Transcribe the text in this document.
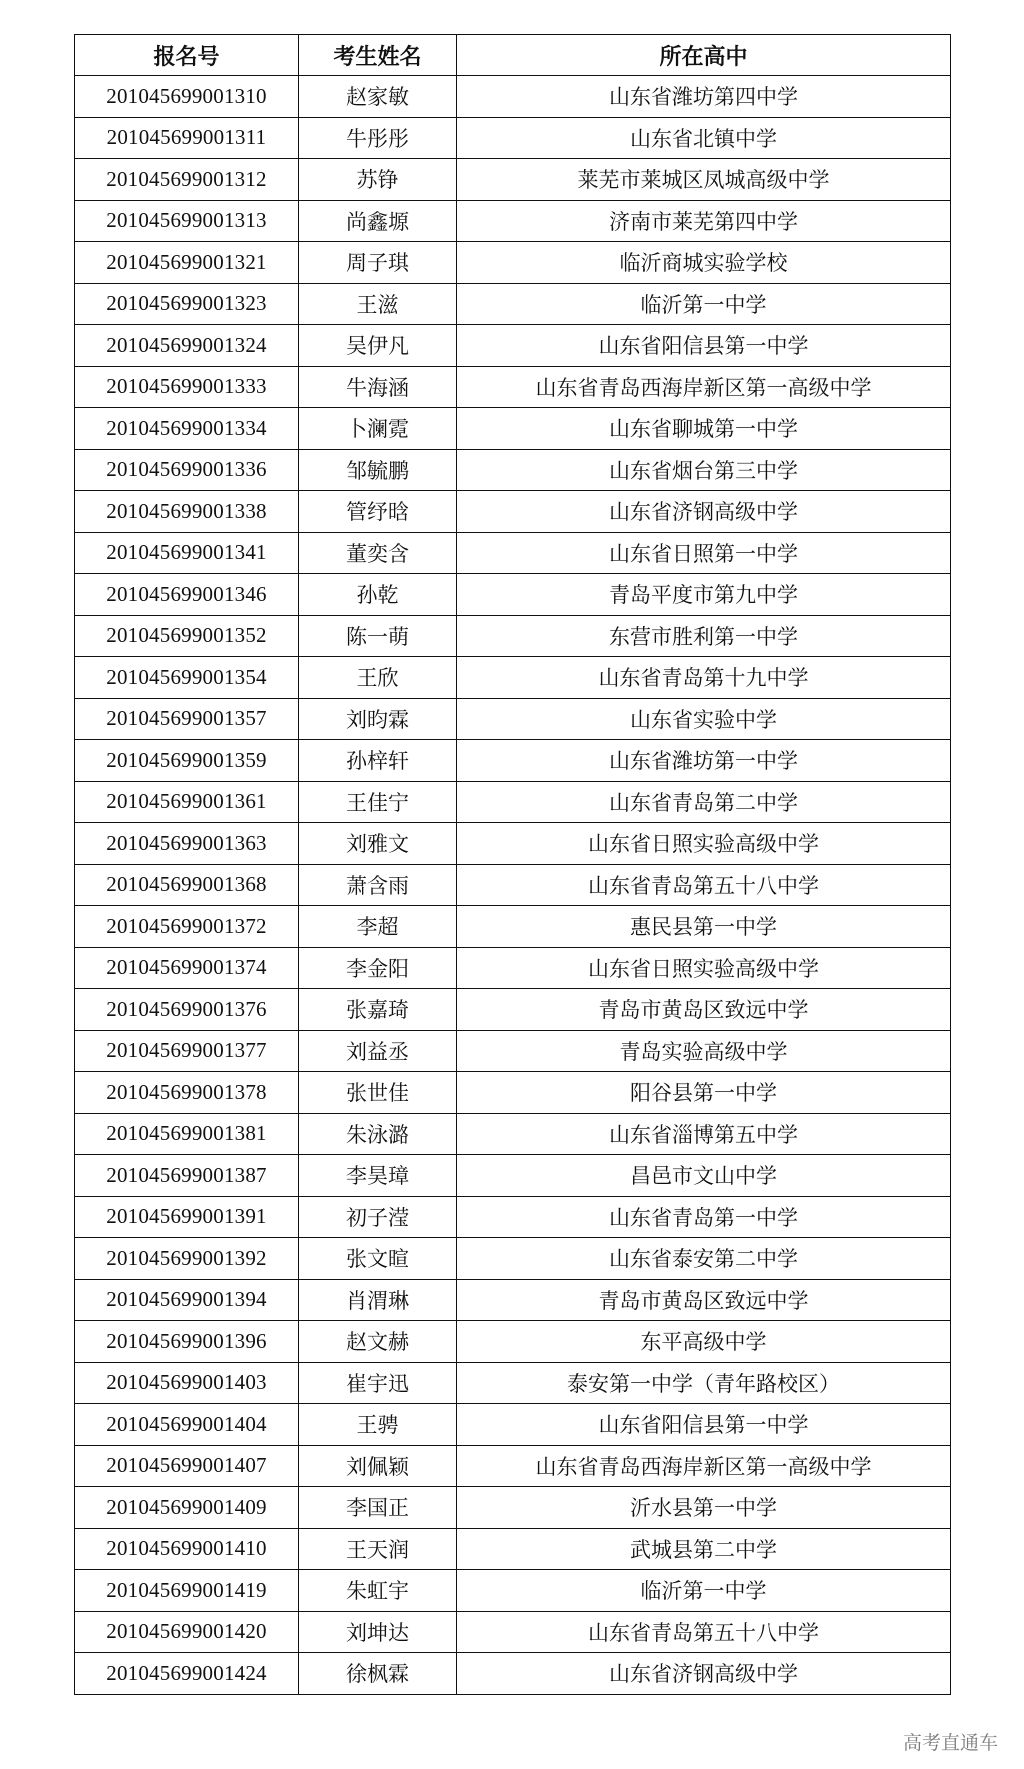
报名号	考生姓名	所在高中
201045699001310	赵家敏	山东省潍坊第四中学
201045699001311	牛彤彤	山东省北镇中学
201045699001312	苏铮	莱芜市莱城区凤城高级中学
201045699001313	尚鑫塬	济南市莱芜第四中学
201045699001321	周子琪	临沂商城实验学校
201045699001323	王滋	临沂第一中学
201045699001324	吴伊凡	山东省阳信县第一中学
201045699001333	牛海涵	山东省青岛西海岸新区第一高级中学
201045699001334	卜澜霓	山东省聊城第一中学
201045699001336	邹毓鹏	山东省烟台第三中学
201045699001338	管纾晗	山东省济钢高级中学
201045699001341	董奕含	山东省日照第一中学
201045699001346	孙乾	青岛平度市第九中学
201045699001352	陈一萌	东营市胜利第一中学
201045699001354	王欣	山东省青岛第十九中学
201045699001357	刘昀霖	山东省实验中学
201045699001359	孙梓轩	山东省潍坊第一中学
201045699001361	王佳宁	山东省青岛第二中学
201045699001363	刘雅文	山东省日照实验高级中学
201045699001368	萧含雨	山东省青岛第五十八中学
201045699001372	李超	惠民县第一中学
201045699001374	李金阳	山东省日照实验高级中学
201045699001376	张嘉琦	青岛市黄岛区致远中学
201045699001377	刘益丞	青岛实验高级中学
201045699001378	张世佳	阳谷县第一中学
201045699001381	朱泳潞	山东省淄博第五中学
201045699001387	李昊璋	昌邑市文山中学
201045699001391	初子滢	山东省青岛第一中学
201045699001392	张文暄	山东省泰安第二中学
201045699001394	肖渭琳	青岛市黄岛区致远中学
201045699001396	赵文赫	东平高级中学
201045699001403	崔宇迅	泰安第一中学（青年路校区）
201045699001404	王骋	山东省阳信县第一中学
201045699001407	刘佩颖	山东省青岛西海岸新区第一高级中学
201045699001409	李国正	沂水县第一中学
201045699001410	王天润	武城县第二中学
201045699001419	朱虹宇	临沂第一中学
201045699001420	刘坤达	山东省青岛第五十八中学
201045699001424	徐枫霖	山东省济钢高级中学
高考直通车
